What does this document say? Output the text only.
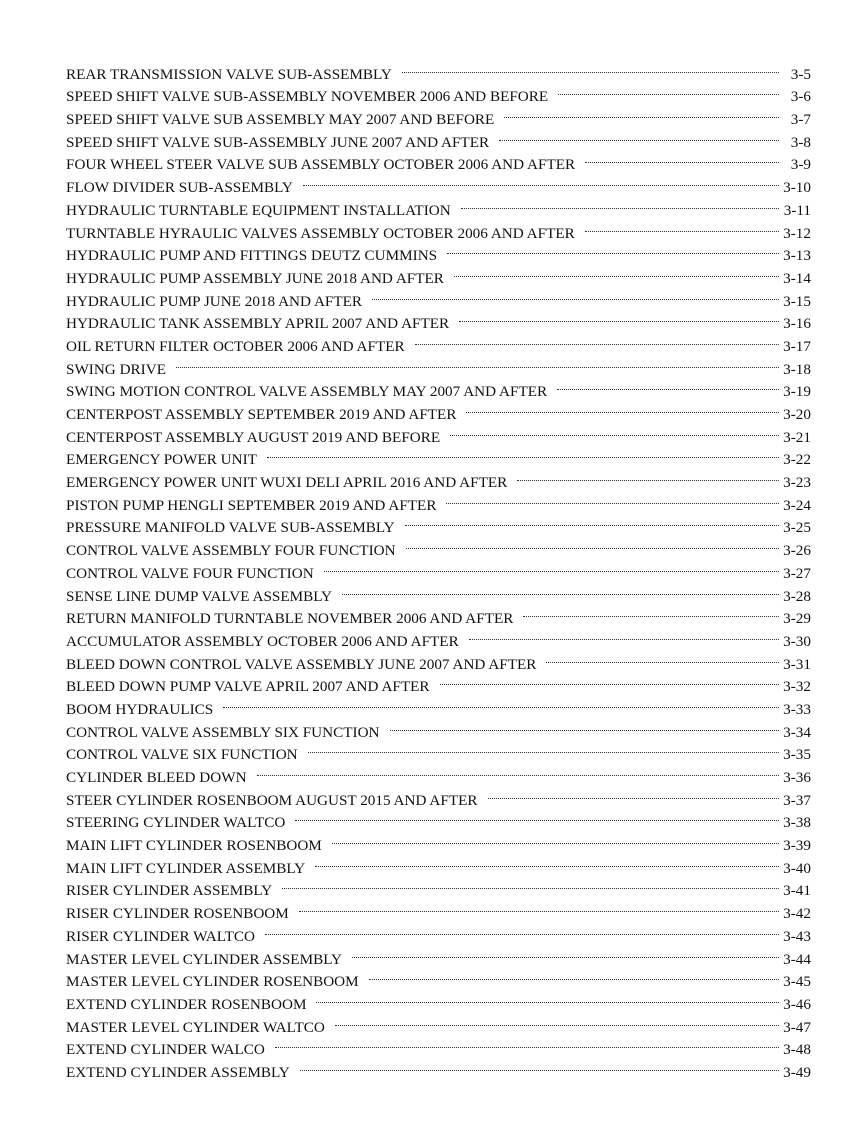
REAR TRANSMISSION VALVE SUB-ASSEMBLY	3-5
SPEED SHIFT VALVE SUB-ASSEMBLY NOVEMBER 2006 AND BEFORE	3-6
SPEED SHIFT VALVE SUB ASSEMBLY MAY 2007 AND BEFORE	3-7
SPEED SHIFT VALVE SUB-ASSEMBLY JUNE 2007 AND AFTER	3-8
FOUR WHEEL STEER VALVE SUB ASSEMBLY OCTOBER 2006 AND AFTER	3-9
FLOW DIVIDER SUB-ASSEMBLY	3-10
HYDRAULIC TURNTABLE EQUIPMENT INSTALLATION	3-11
TURNTABLE HYRAULIC VALVES ASSEMBLY OCTOBER 2006 AND AFTER	3-12
HYDRAULIC PUMP AND FITTINGS DEUTZ CUMMINS	3-13
HYDRAULIC PUMP ASSEMBLY JUNE 2018 AND AFTER	3-14
HYDRAULIC PUMP JUNE 2018 AND AFTER	3-15
HYDRAULIC TANK ASSEMBLY APRIL 2007 AND AFTER	3-16
OIL RETURN FILTER OCTOBER 2006 AND AFTER	3-17
SWING DRIVE	3-18
SWING MOTION CONTROL VALVE ASSEMBLY MAY 2007 AND AFTER	3-19
CENTERPOST ASSEMBLY SEPTEMBER 2019 AND AFTER	3-20
CENTERPOST ASSEMBLY AUGUST 2019 AND BEFORE	3-21
EMERGENCY POWER UNIT	3-22
EMERGENCY POWER UNIT WUXI DELI APRIL 2016 AND AFTER	3-23
PISTON PUMP HENGLI SEPTEMBER 2019 AND AFTER	3-24
PRESSURE MANIFOLD VALVE SUB-ASSEMBLY	3-25
CONTROL VALVE ASSEMBLY FOUR FUNCTION	3-26
CONTROL VALVE FOUR FUNCTION	3-27
SENSE LINE DUMP VALVE ASSEMBLY	3-28
RETURN MANIFOLD TURNTABLE NOVEMBER 2006 AND AFTER	3-29
ACCUMULATOR ASSEMBLY OCTOBER 2006 AND AFTER	3-30
BLEED DOWN CONTROL VALVE ASSEMBLY JUNE 2007 AND AFTER	3-31
BLEED DOWN PUMP VALVE APRIL 2007 AND AFTER	3-32
BOOM HYDRAULICS	3-33
CONTROL VALVE ASSEMBLY SIX FUNCTION	3-34
CONTROL VALVE SIX FUNCTION	3-35
CYLINDER BLEED DOWN	3-36
STEER CYLINDER ROSENBOOM AUGUST 2015 AND AFTER	3-37
STEERING CYLINDER WALTCO	3-38
MAIN LIFT CYLINDER ROSENBOOM	3-39
MAIN LIFT CYLINDER ASSEMBLY	3-40
RISER CYLINDER ASSEMBLY	3-41
RISER CYLINDER ROSENBOOM	3-42
RISER CYLINDER WALTCO	3-43
MASTER LEVEL CYLINDER ASSEMBLY	3-44
MASTER LEVEL CYLINDER ROSENBOOM	3-45
EXTEND CYLINDER ROSENBOOM	3-46
MASTER LEVEL CYLINDER WALTCO	3-47
EXTEND CYLINDER WALCO	3-48
EXTEND CYLINDER ASSEMBLY	3-49
